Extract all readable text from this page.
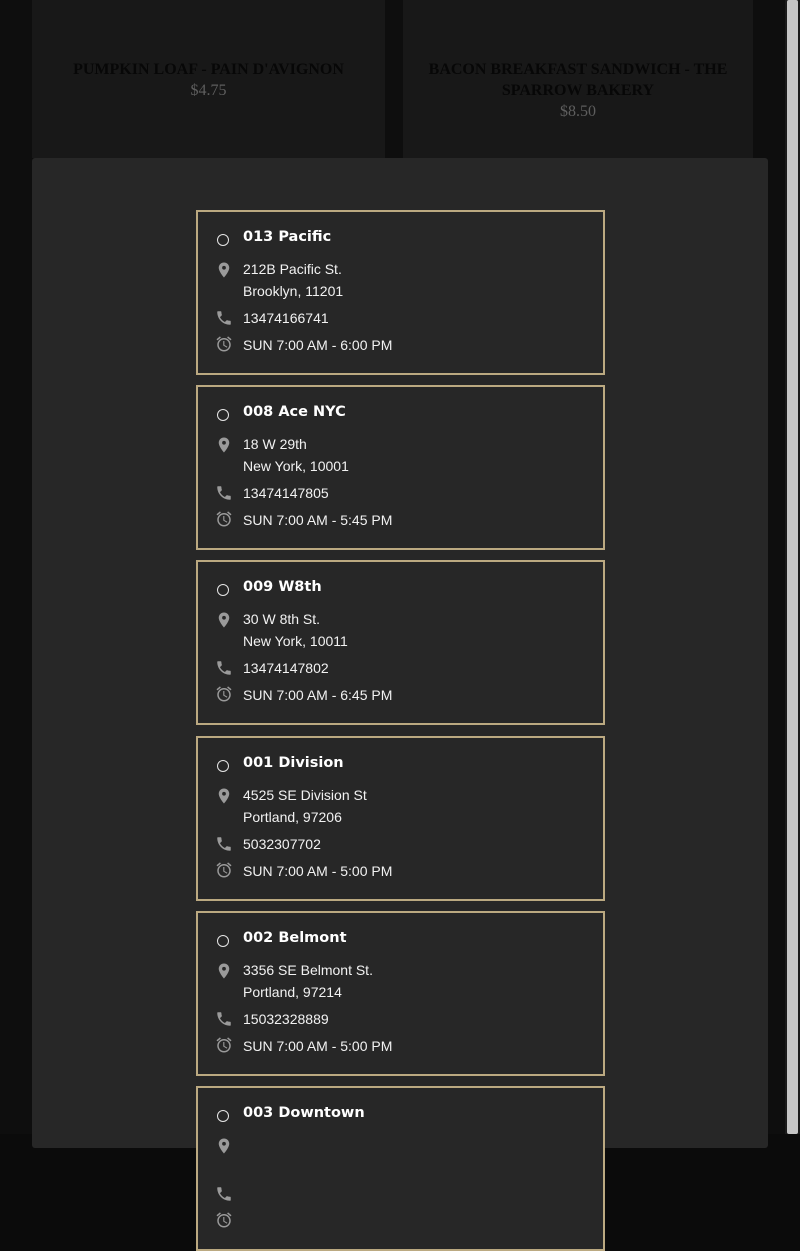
PUMPKIN LOAF - PAIN D'AVIGNON
$4.75
BACON BREAKFAST SANDWICH - THE SPARROW BAKERY
$8.50
013 Pacific
212B Pacific St.
Brooklyn, 11201
13474166741
SUN 7:00 AM - 6:00 PM
008 Ace NYC
18 W 29th
New York, 10001
13474147805
SUN 7:00 AM - 5:45 PM
009 W8th
30 W 8th St.
New York, 10011
13474147802
SUN 7:00 AM - 6:45 PM
001 Division
4525 SE Division St
Portland, 97206
5032307702
SUN 7:00 AM - 5:00 PM
002 Belmont
3356 SE Belmont St.
Portland, 97214
15032328889
SUN 7:00 AM - 5:00 PM
003 Downtown
